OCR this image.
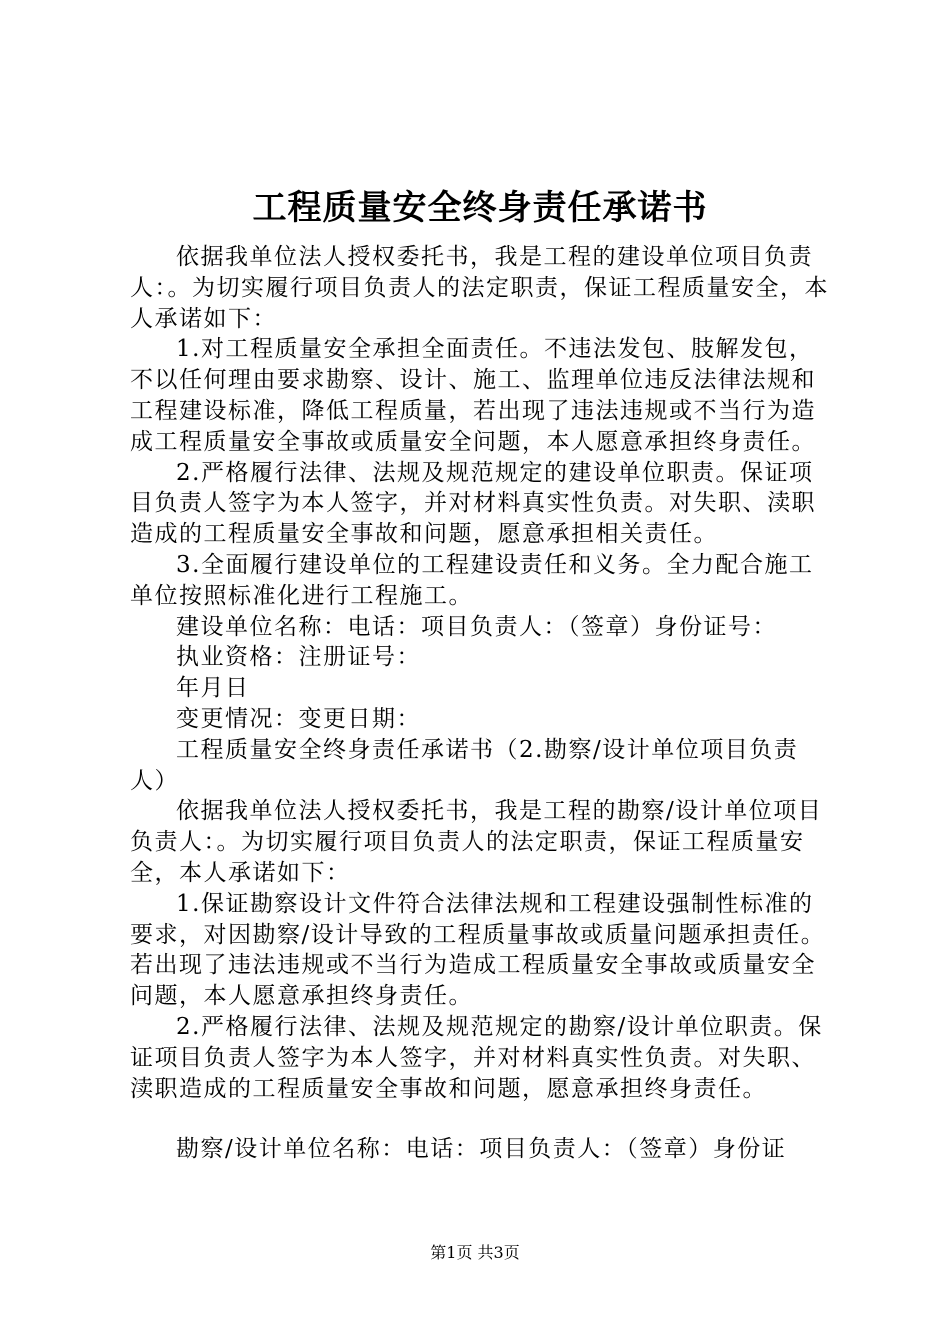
工程质量安全终身责任承诺书

依据我单位法人授权委托书，我是工程的建设单位项目负责人：。为切实履行项目负责人的法定职责，保证工程质量安全，本人承诺如下：

1.对工程质量安全承担全面责任。不违法发包、肢解发包，不以任何理由要求勘察、设计、施工、监理单位违反法律法规和工程建设标准，降低工程质量，若出现了违法违规或不当行为造成工程质量安全事故或质量安全问题，本人愿意承担终身责任。

2.严格履行法律、法规及规范规定的建设单位职责。保证项目负责人签字为本人签字，并对材料真实性负责。对失职、渎职造成的工程质量安全事故和问题，愿意承担相关责任。

3.全面履行建设单位的工程建设责任和义务。全力配合施工单位按照标准化进行工程施工。

建设单位名称：电话：项目负责人：（签章）身份证号：

执业资格：注册证号：

年月日

变更情况：变更日期：

工程质量安全终身责任承诺书（2.勘察/设计单位项目负责人）

依据我单位法人授权委托书，我是工程的勘察/设计单位项目负责人：。为切实履行项目负责人的法定职责，保证工程质量安全，本人承诺如下：

1.保证勘察设计文件符合法律法规和工程建设强制性标准的要求，对因勘察/设计导致的工程质量事故或质量问题承担责任。若出现了违法违规或不当行为造成工程质量安全事故或质量安全问题，本人愿意承担终身责任。

2.严格履行法律、法规及规范规定的勘察/设计单位职责。保证项目负责人签字为本人签字，并对材料真实性负责。对失职、渎职造成的工程质量安全事故和问题，愿意承担终身责任。

勘察/设计单位名称：电话：项目负责人：（签章）身份证

第1页 共3页
